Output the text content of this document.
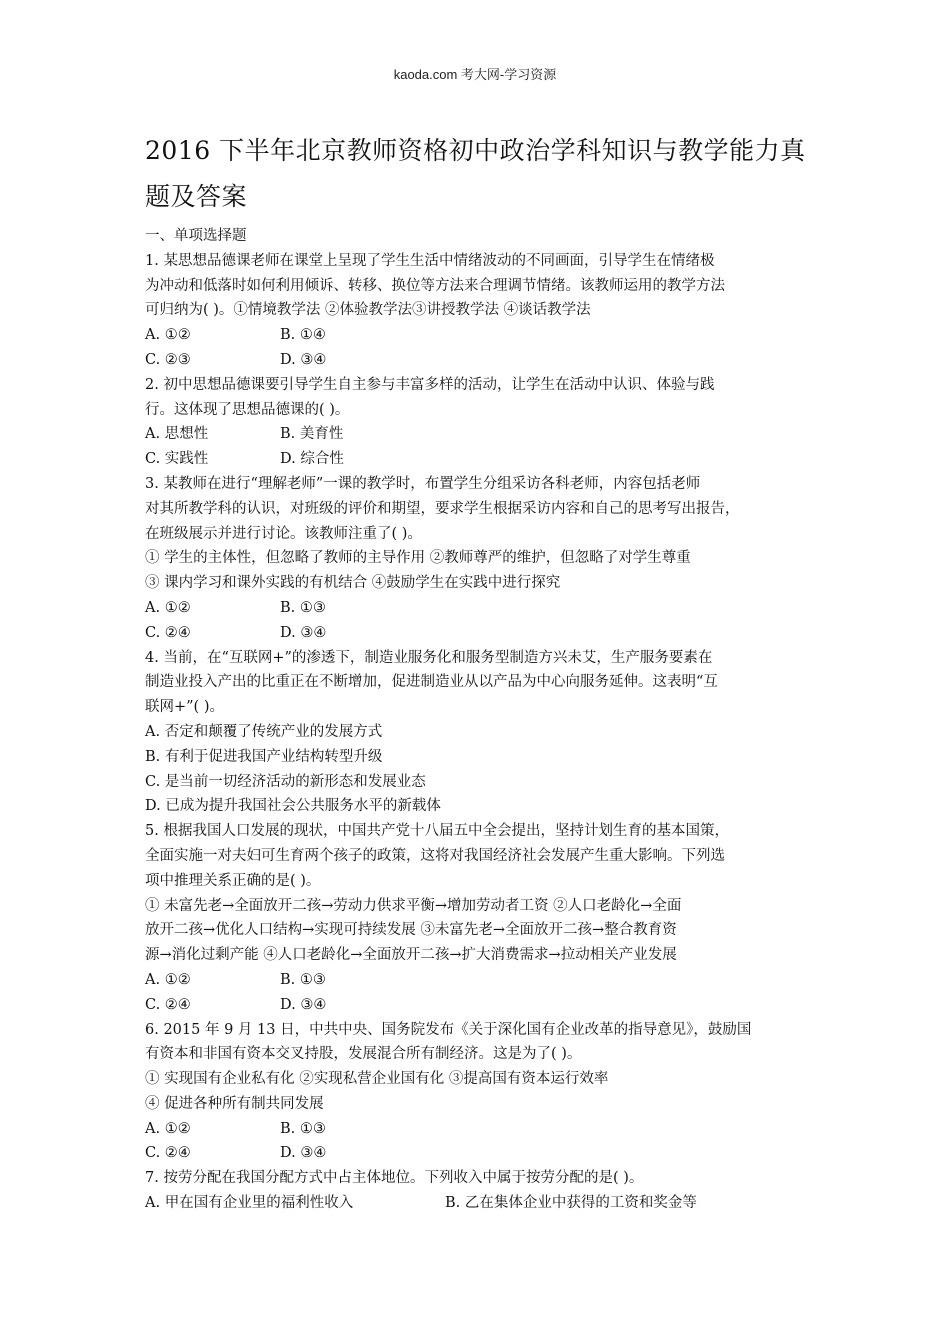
kaoda.com 考大网-学习资源
2016 下半年北京教师资格初中政治学科知识与教学能力真
题及答案
一、单项选择题
1. 某思想品德课老师在课堂上呈现了学生生活中情绪波动的不同画面，引导学生在情绪极
为冲动和低落时如何利用倾诉、转移、换位等方法来合理调节情绪。该教师运用的教学方法
可归纳为( )。①情境教学法 ②体验教学法③讲授教学法 ④谈话教学法
A. ①②	B. ①④
C. ②③	D. ③④
2. 初中思想品德课要引导学生自主参与丰富多样的活动，让学生在活动中认识、体验与践
行。这体现了思想品德课的( )。
A. 思想性	B. 美育性
C. 实践性	D. 综合性
3. 某教师在进行“理解老师”一课的教学时，布置学生分组采访各科老师，内容包括老师
对其所教学科的认识，对班级的评价和期望，要求学生根据采访内容和自己的思考写出报告，
在班级展示并进行讨论。该教师注重了( )。
① 学生的主体性，但忽略了教师的主导作用 ②教师尊严的维护，但忽略了对学生尊重
③ 课内学习和课外实践的有机结合 ④鼓励学生在实践中进行探究
A. ①②	B. ①③
C. ②④	D. ③④
4. 当前，在“互联网+”的渗透下，制造业服务化和服务型制造方兴未艾，生产服务要素在
制造业投入产出的比重正在不断增加，促进制造业从以产品为中心向服务延伸。这表明“互
联网+”( )。
A. 否定和颠覆了传统产业的发展方式
B. 有利于促进我国产业结构转型升级
C. 是当前一切经济活动的新形态和发展业态
D. 已成为提升我国社会公共服务水平的新载体
5. 根据我国人口发展的现状，中国共产党十八届五中全会提出，坚持计划生育的基本国策，
全面实施一对夫妇可生育两个孩子的政策，这将对我国经济社会发展产生重大影响。下列选
项中推理关系正确的是( )。
① 未富先老→全面放开二孩→劳动力供求平衡→增加劳动者工资 ②人口老龄化→全面
放开二孩→优化人口结构→实现可持续发展 ③未富先老→全面放开二孩→整合教育资
源→消化过剩产能 ④人口老龄化→全面放开二孩→扩大消费需求→拉动相关产业发展
A. ①②	B. ①③
C. ②④	D. ③④
6. 2015 年 9 月 13 日，中共中央、国务院发布《关于深化国有企业改革的指导意见》，鼓励国
有资本和非国有资本交叉持股，发展混合所有制经济。这是为了( )。
① 实现国有企业私有化 ②实现私营企业国有化 ③提高国有资本运行效率
④ 促进各种所有制共同发展
A. ①②	B. ①③
C. ②④	D. ③④
7. 按劳分配在我国分配方式中占主体地位。下列收入中属于按劳分配的是( )。
A. 甲在国有企业里的福利性收入	B. 乙在集体企业中获得的工资和奖金等
